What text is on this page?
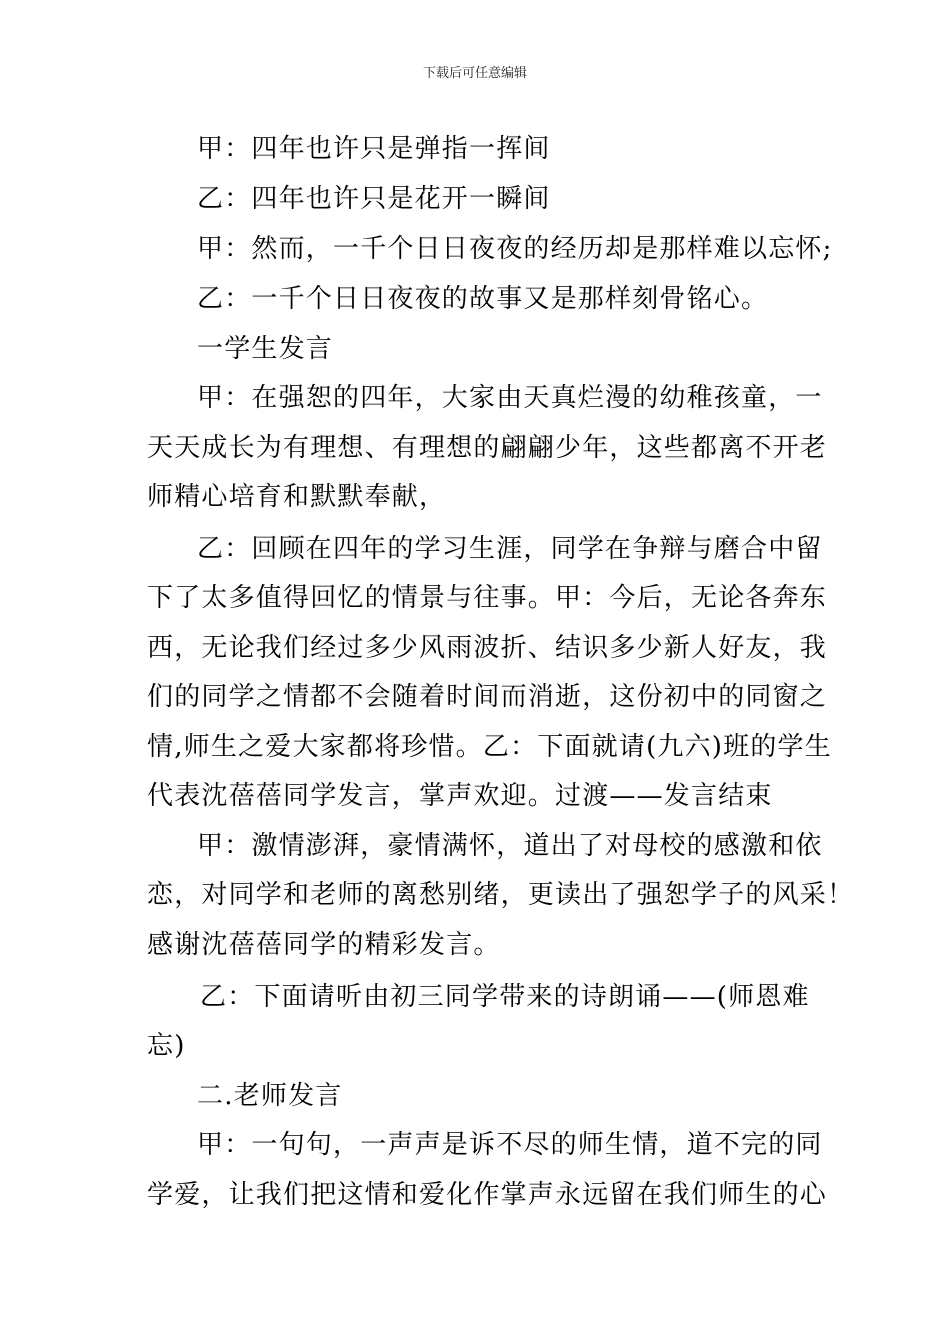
下载后可任意编辑
甲：四年也许只是弹指一挥间
乙：四年也许只是花开一瞬间
甲：然而，一千个日日夜夜的经历却是那样难以忘怀;
乙：一千个日日夜夜的故事又是那样刻骨铭心。
一学生发言
甲：在强恕的四年，大家由天真烂漫的幼稚孩童，一
天天成长为有理想、有理想的翩翩少年，这些都离不开老
师精心培育和默默奉献，
乙：回顾在四年的学习生涯，同学在争辩与磨合中留
下了太多值得回忆的情景与往事。甲：今后，无论各奔东
西，无论我们经过多少风雨波折、结识多少新人好友，我
们的同学之情都不会随着时间而消逝，这份初中的同窗之
情,师生之爱大家都将珍惜。乙：下面就请(九六)班的学生
代表沈蓓蓓同学发言，掌声欢迎。过渡——发言结束
甲：激情澎湃，豪情满怀，道出了对母校的感激和依
恋，对同学和老师的离愁别绪，更读出了强恕学子的风采！
感谢沈蓓蓓同学的精彩发言。
乙：下面请听由初三同学带来的诗朗诵——(师恩难
忘)
二.老师发言
甲：一句句，一声声是诉不尽的师生情，道不完的同
学爱，让我们把这情和爱化作掌声永远留在我们师生的心
